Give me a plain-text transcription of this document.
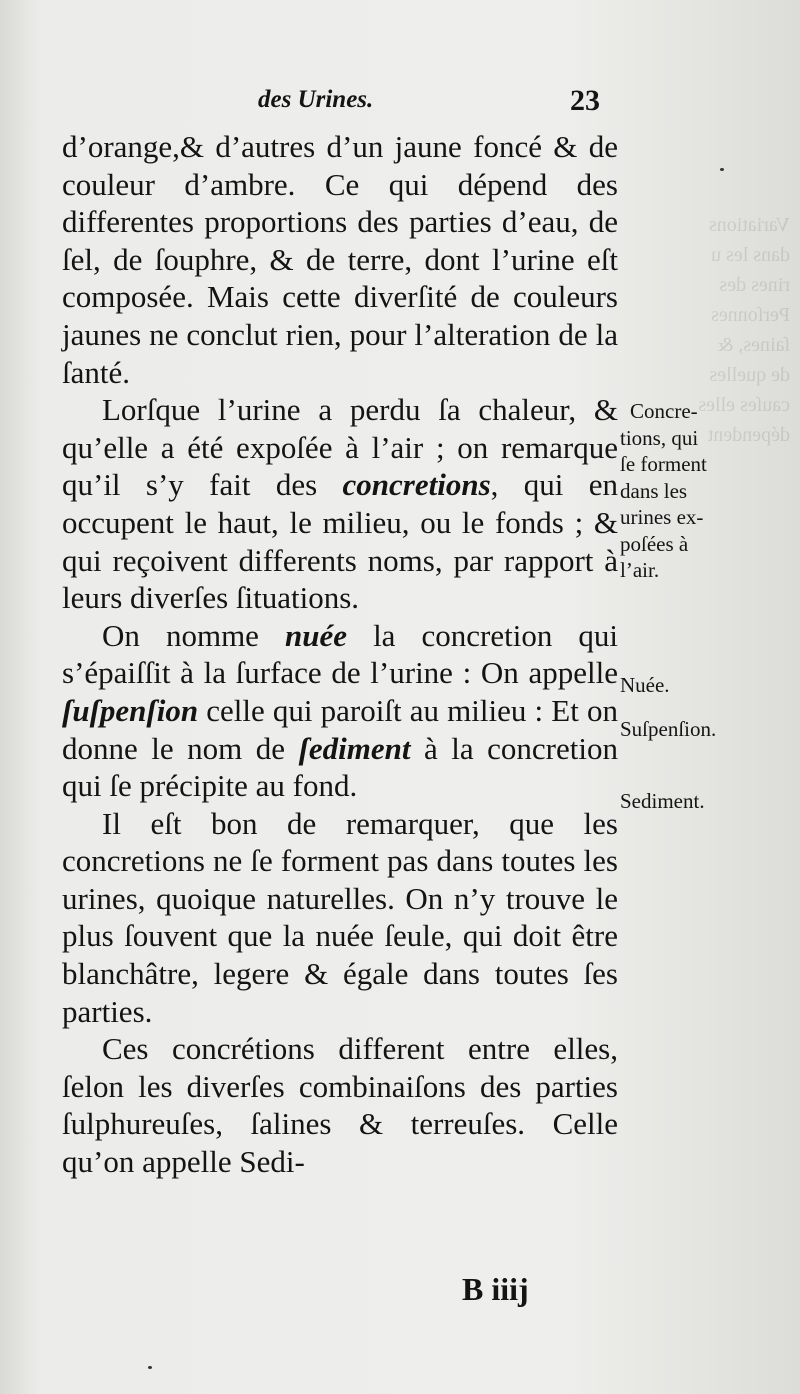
Variations
dans les u
rines des
Perſonnes
ſaines, &
de quelles
cauſes elles
dépendent
des Urines.	23

d’orange,& d’autres d’un jaune foncé & de couleur d’ambre. Ce qui dépend des differentes proportions des parties d’eau, de ſel, de ſouphre, & de terre, dont l’urine eſt composée. Mais cette diverſité de couleurs jaunes ne conclut rien, pour l’alteration de la ſanté.

Lorſque l’urine a perdu ſa chaleur, & qu’elle a été expoſée à l’air ; on remarque qu’il s’y fait des concretions, qui en occupent le haut, le milieu, ou le fonds ; & qui reçoivent differents noms, par rapport à leurs diverſes ſituations.

On nomme nuée la concretion qui s’épaiſſit à la ſurface de l’urine : On appelle ſuſpenſion celle qui paroiſt au milieu : Et on donne le nom de ſediment à la concretion qui ſe précipite au fond.

Il eſt bon de remarquer, que les concretions ne ſe forment pas dans toutes les urines, quoique naturelles. On n’y trouve le plus ſouvent que la nuée ſeule, qui doit être blanchâtre, legere & égale dans toutes ſes parties.

Ces concrétions different entre elles, ſelon les diverſes combinaiſons des parties ſulphureuſes, ſalines & terreuſes. Celle qu’on appelle Sedi-

Concre-
tions, qui
ſe forment
dans les
urines ex-
poſées à
l’air.
Nuée.
Suſpenſion.
Sediment.
B iiij
